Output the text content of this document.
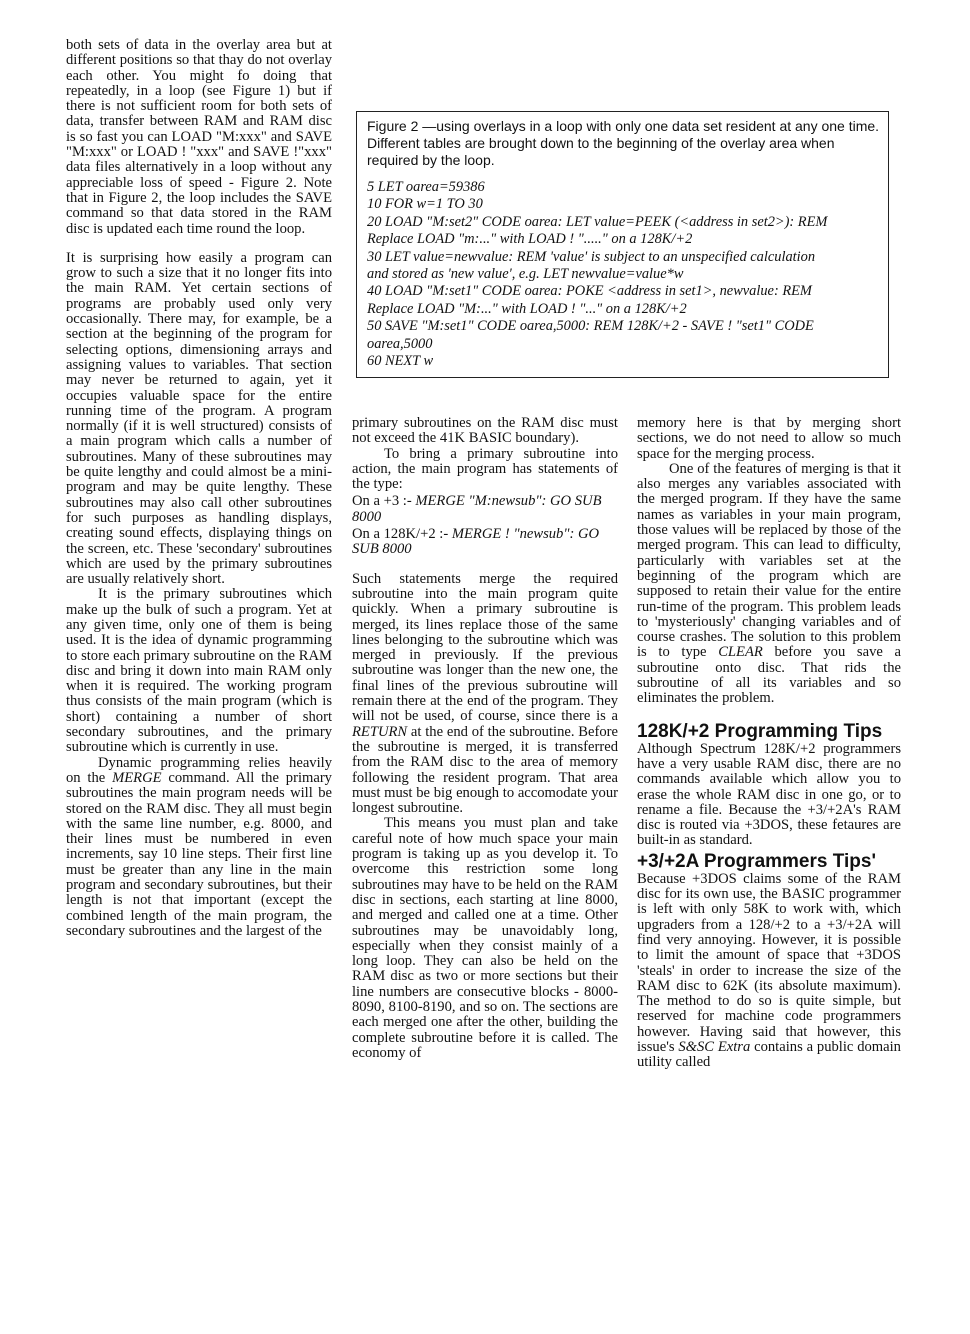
both sets of data in the overlay area but at different positions so that thay do not overlay each other. You might fo doing that repeatedly, in a loop (see Figure 1) but if there is not sufficient room for both sets of data, transfer between RAM and RAM disc is so fast you can LOAD "M:xxx" and SAVE "M:xxx" or LOAD ! "xxx" and SAVE !"xxx" data files alternatively in a loop without any appreciable loss of speed - Figure 2. Note that in Figure 2, the loop includes the SAVE command so that data stored in the RAM disc is updated each time round the loop.

It is surprising how easily a program can grow to such a size that it no longer fits into the main RAM. Yet certain sections of programs are probably used only very occasionally. There may, for example, be a section at the beginning of the program for selecting options, dimensioning arrays and assigning values to variables. That section may never be returned to again, yet it occupies valuable space for the entire running time of the program. A program normally (if it is well structured) consists of a main program which calls a number of subroutines. Many of these subroutines may be quite lengthy and could almost be a mini-program and may be quite lengthy. These subroutines may also call other subroutines for such purposes as handling displays, creating sound effects, displaying things on the screen, etc. These 'secondary' subroutines which are used by the primary subroutines are usually relatively short.

It is the primary subroutines which make up the bulk of such a program. Yet at any given time, only one of them is being used. It is the idea of dynamic programming to store each primary subroutine on the RAM disc and bring it down into main RAM only when it is required. The working program thus consists of the main program (which is short) containing a number of short secondary subroutines, and the primary subroutine which is currently in use.

Dynamic programming relies heavily on the MERGE command. All the primary subroutines the main program needs will be stored on the RAM disc. They all must begin with the same line number, e.g. 8000, and their lines must be numbered in even increments, say 10 line steps. Their first line must be greater than any line in the main program and secondary subroutines, but their length is not that important (except the combined length of the main program, the secondary subroutines and the largest of the

Figure 2 —using overlays in a loop with only one data set resident at any one time. Different tables are brought down to the beginning of the overlay area when required by the loop.

5 LET oarea=59386
10 FOR w=1 TO 30
20 LOAD "M:set2" CODE oarea: LET value=PEEK (<address in set2>): REM
Replace LOAD "m:..." with LOAD ! "....." on a 128K/+2
30 LET value=newvalue: REM 'value' is subject to an unspecified calculation
and stored as 'new value', e.g. LET newvalue=value*w
40 LOAD "M:set1" CODE oarea: POKE <address in set1>, newvalue: REM
Replace LOAD "M:..." with LOAD ! "..." on a 128K/+2
50 SAVE "M:set1" CODE oarea,5000: REM 128K/+2 - SAVE ! "set1" CODE
oarea,5000
60 NEXT w

primary subroutines on the RAM disc must not exceed the 41K BASIC boundary).

To bring a primary subroutine into action, the main program has statements of the type:

On a +3 :- MERGE "M:newsub": GO SUB 8000

On a 128K/+2 :- MERGE ! "newsub": GO SUB 8000

Such statements merge the required subroutine into the main program quite quickly. When a primary subroutine is merged, its lines replace those of the same lines belonging to the subroutine which was merged in previously. If the previous subroutine was longer than the new one, the final lines of the previous subroutine will remain there at the end of the program. They will not be used, of course, since there is a RETURN at the end of the subroutine. Before the subroutine is merged, it is transferred from the RAM disc to the area of memory following the resident program. That area must must be big enough to accomodate your longest subroutine.

This means you must plan and take careful note of how much space your main program is taking up as you develop it. To overcome this restriction some long subroutines may have to be held on the RAM disc in sections, each starting at line 8000, and merged and called one at a time. Other subroutines may be unavoidably long, especially when they consist mainly of a long loop. They can also be held on the RAM disc as two or more sections but their line numbers are consecutive blocks - 8000-8090, 8100-8190, and so on. The sections are each merged one after the other, building the complete subroutine before it is called. The economy of

memory here is that by merging short sections, we do not need to allow so much space for the merging process.

One of the features of merging is that it also merges any variables associated with the merged program. If they have the same names as variables in your main program, those values will be replaced by those of the merged program. This can lead to difficulty, particularly with variables set at the beginning of the program which are supposed to retain their value for the entire run-time of the program. This problem leads to 'mysteriously' changing variables and of course crashes. The solution to this problem is to type CLEAR before you save a subroutine onto disc. That rids the subroutine of all its variables and so eliminates the problem.

128K/+2 Programming Tips

Although Spectrum 128K/+2 programmers have a very usable RAM disc, there are no commands available which allow you to erase the whole RAM disc in one go, or to rename a file. Because the +3/+2A's RAM disc is routed via +3DOS, these fetaures are built-in as standard.

+3/+2A Programmers Tips'

Because +3DOS claims some of the RAM disc for its own use, the BASIC programmer is left with only 58K to work with, which upgraders from a 128/+2 to a +3/+2A will find very annoying. However, it is possible to limit the amount of space that +3DOS 'steals' in order to increase the size of the RAM disc to 62K (its absolute maximum). The method to do so is quite simple, but reserved for machine code programmers however. Having said that however, this issue's S&SC Extra contains a public domain utility called
